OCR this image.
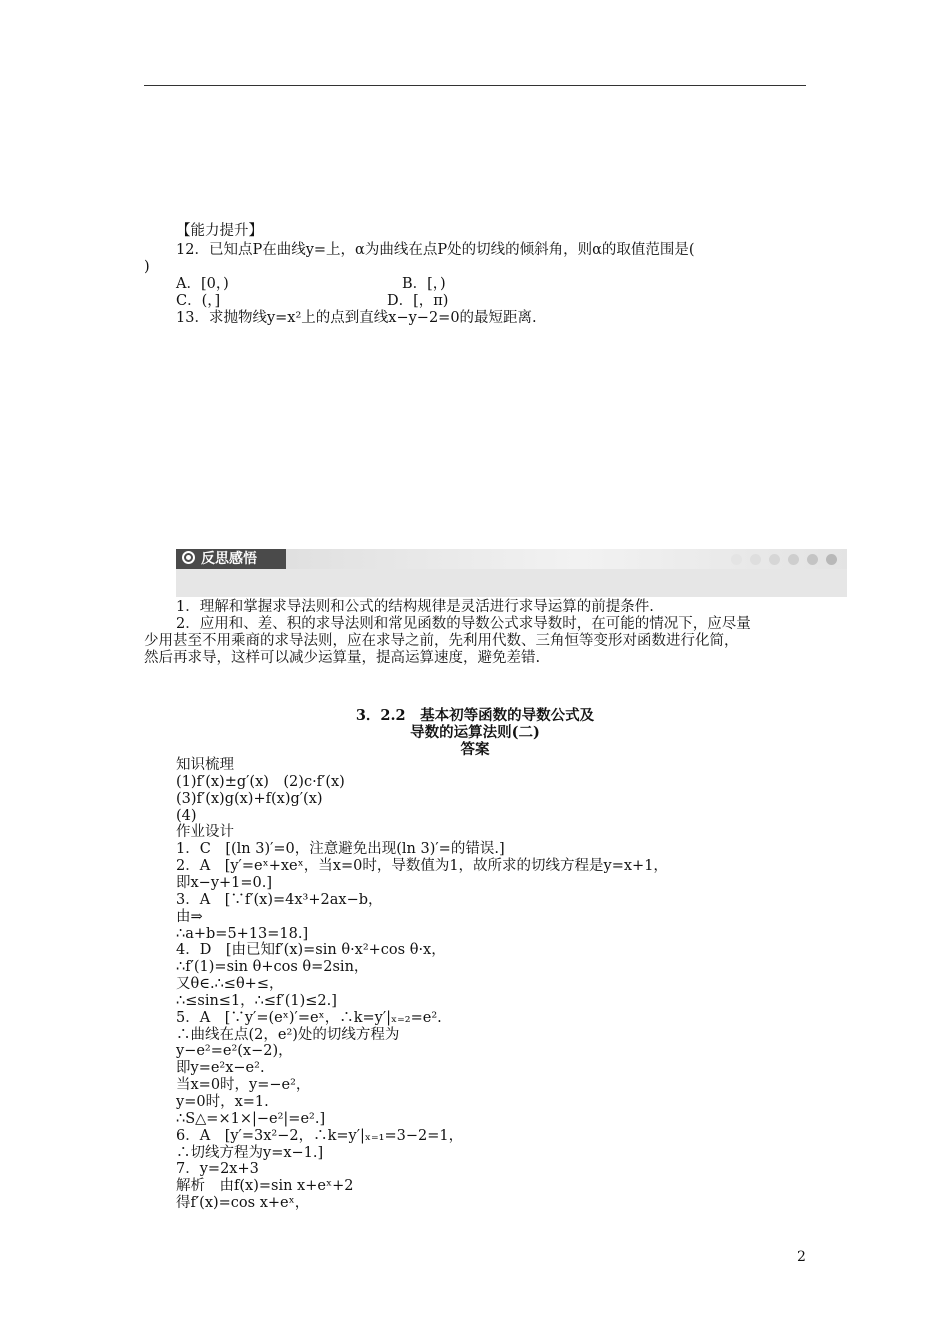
【能力提升】
12．已知点P在曲线y=上，α为曲线在点P处的切线的倾斜角，则α的取值范围是(
)
A．[0，)	B．[，)
C．(，]	D．[，π)
13．求抛物线y=x²上的点到直线x−y−2=0的最短距离.
反思感悟
1．理解和掌握求导法则和公式的结构规律是灵活进行求导运算的前提条件.
2．应用和、差、积的求导法则和常见函数的导数公式求导数时，在可能的情况下，应尽量
少用甚至不用乘商的求导法则，应在求导之前，先利用代数、三角恒等变形对函数进行化简，
然后再求导，这样可以减少运算量，提高运算速度，避免差错.
3．2.2　基本初等函数的导数公式及
导数的运算法则(二)
答案
知识梳理
(1)f′(x)±g′(x)　(2)c·f′(x)
(3)f′(x)g(x)+f(x)g′(x)
(4)
作业设计
1．C　[(ln 3)′=0，注意避免出现(ln 3)′=的错误.]
2．A　[y′=eˣ+xeˣ，当x=0时，导数值为1，故所求的切线方程是y=x+1，
即x−y+1=0.]
3．A　[∵f′(x)=4x³+2ax−b，
由⇒
∴a+b=5+13=18.]
4．D　[由已知f′(x)=sin θ·x²+cos θ·x，
∴f′(1)=sin θ+cos θ=2sin，
又θ∈.∴≤θ+≤，
∴≤sin≤1，∴≤f′(1)≤2.]
5．A　[∵y′=(eˣ)′=eˣ，∴k=y′|ₓ₌₂=e².
∴曲线在点(2，e²)处的切线方程为
y−e²=e²(x−2)，
即y=e²x−e².
当x=0时，y=−e²，
y=0时，x=1.
∴S△=×1×|−e²|=e².]
6．A　[y′=3x²−2，∴k=y′|ₓ₌₁=3−2=1，
∴切线方程为y=x−1.]
7．y=2x+3
解析　由f(x)=sin x+eˣ+2
得f′(x)=cos x+eˣ，
2
